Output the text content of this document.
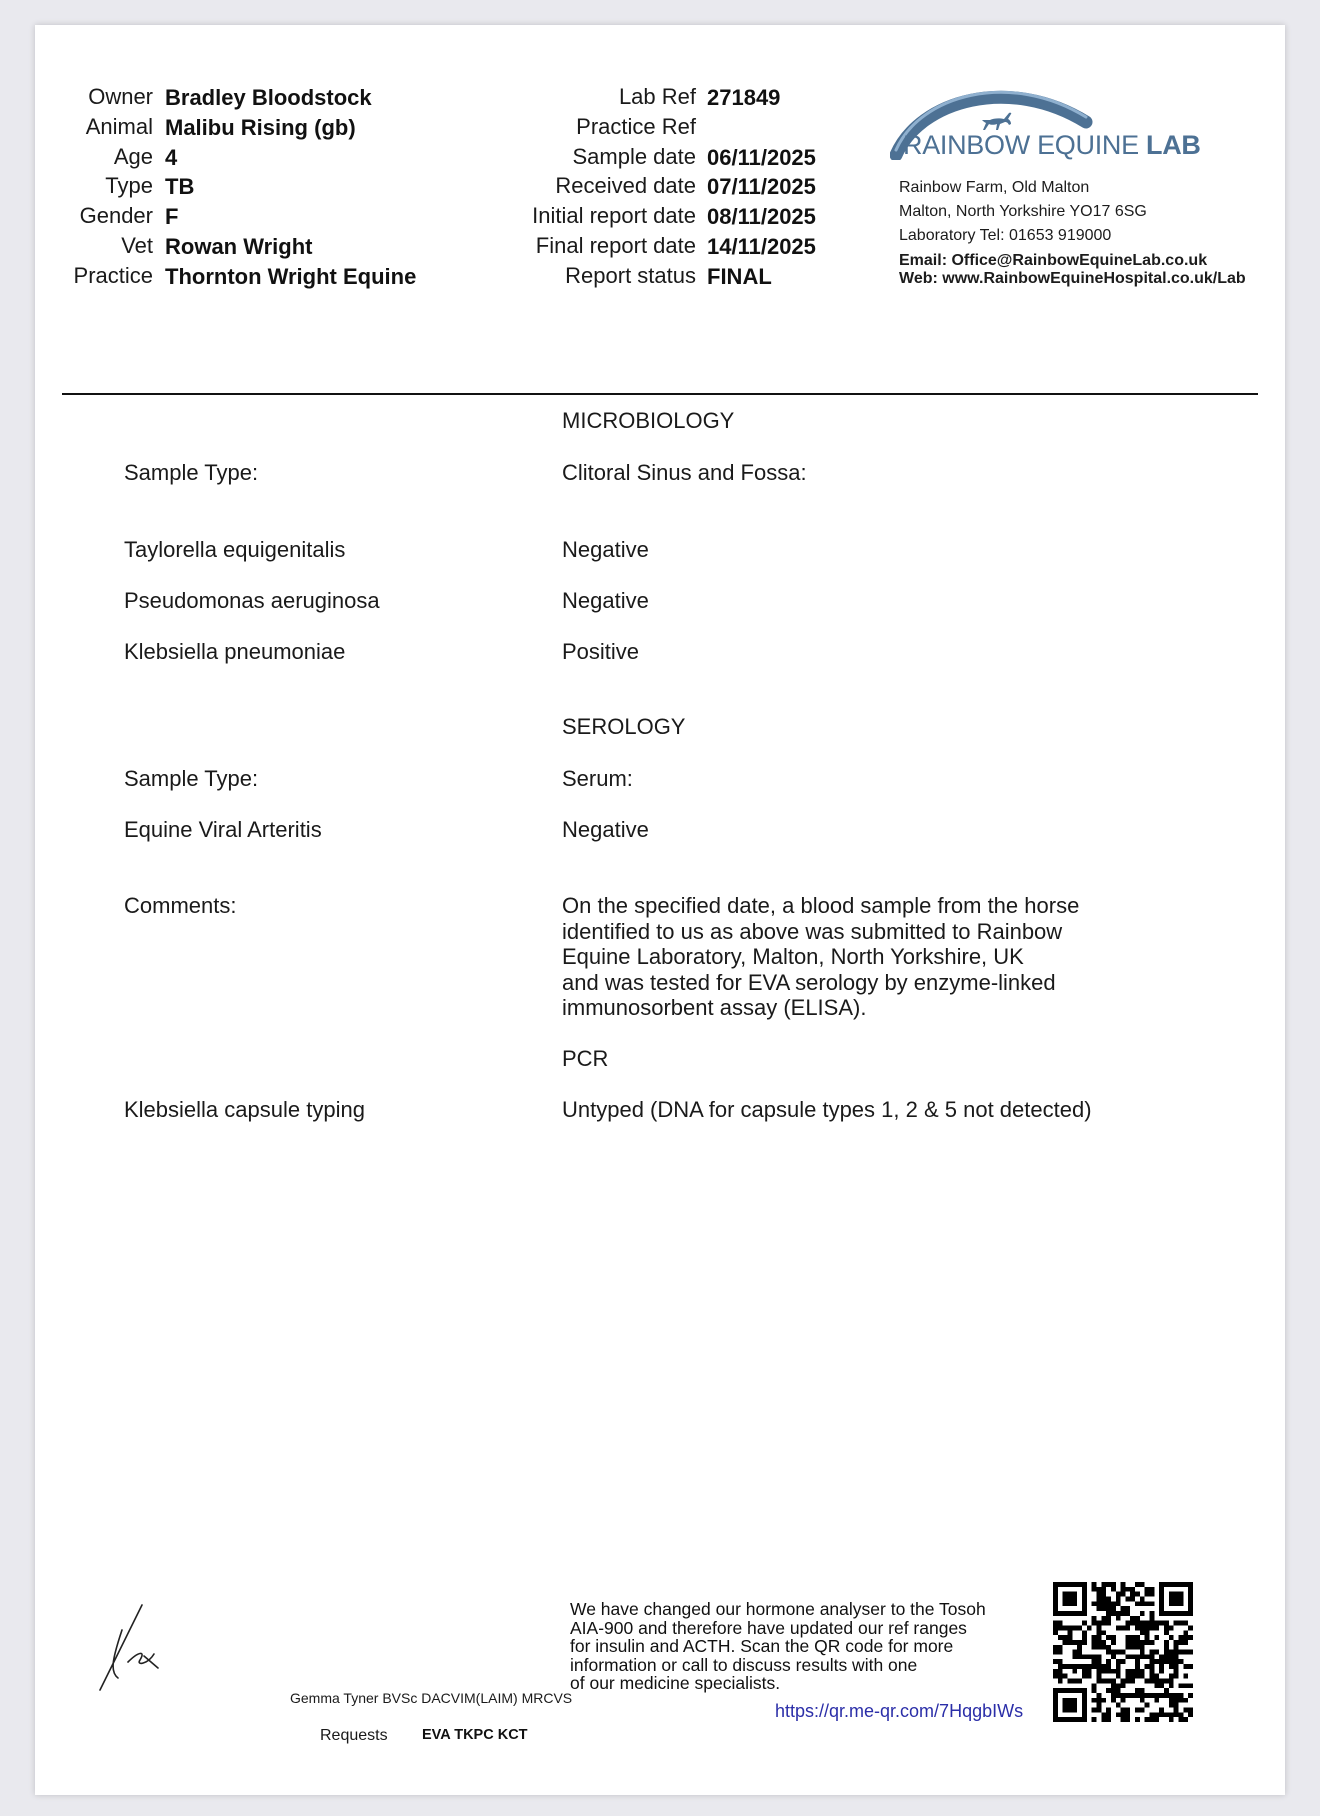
Owner Bradley Bloodstock
Animal Malibu Rising (gb)
Age 4
Type TB
Gender F
Vet Rowan Wright
Practice Thornton Wright Equine
Lab Ref 271849
Practice Ref
Sample date 06/11/2025
Received date 07/11/2025
Initial report date 08/11/2025
Final report date 14/11/2025
Report status FINAL
RAINBOW EQUINE LAB
Rainbow Farm, Old Malton
Malton, North Yorkshire YO17 6SG
Laboratory Tel: 01653 919000
Email: Office@RainbowEquineLab.co.uk
Web: www.RainbowEquineHospital.co.uk/Lab
MICROBIOLOGY
Sample Type:	Clitoral Sinus and Fossa:
Taylorella equigenitalis	Negative
Pseudomonas aeruginosa	Negative
Klebsiella pneumoniae	Positive
SEROLOGY
Sample Type:	Serum:
Equine Viral Arteritis	Negative
Comments:	On the specified date, a blood sample from the horse
identified to us as above was submitted to Rainbow
Equine Laboratory, Malton, North Yorkshire, UK
and was tested for EVA serology by enzyme-linked
immunosorbent assay (ELISA).
PCR
Klebsiella capsule typing	Untyped (DNA for capsule types 1, 2 & 5 not detected)
Gemma Tyner BVSc DACVIM(LAIM) MRCVS
Requests EVA TKPC KCT
We have changed our hormone analyser to the Tosoh
AIA-900 and therefore have updated our ref ranges
for insulin and ACTH. Scan the QR code for more
information or call to discuss results with one
of our medicine specialists.
https://qr.me-qr.com/7HqgbIWs
